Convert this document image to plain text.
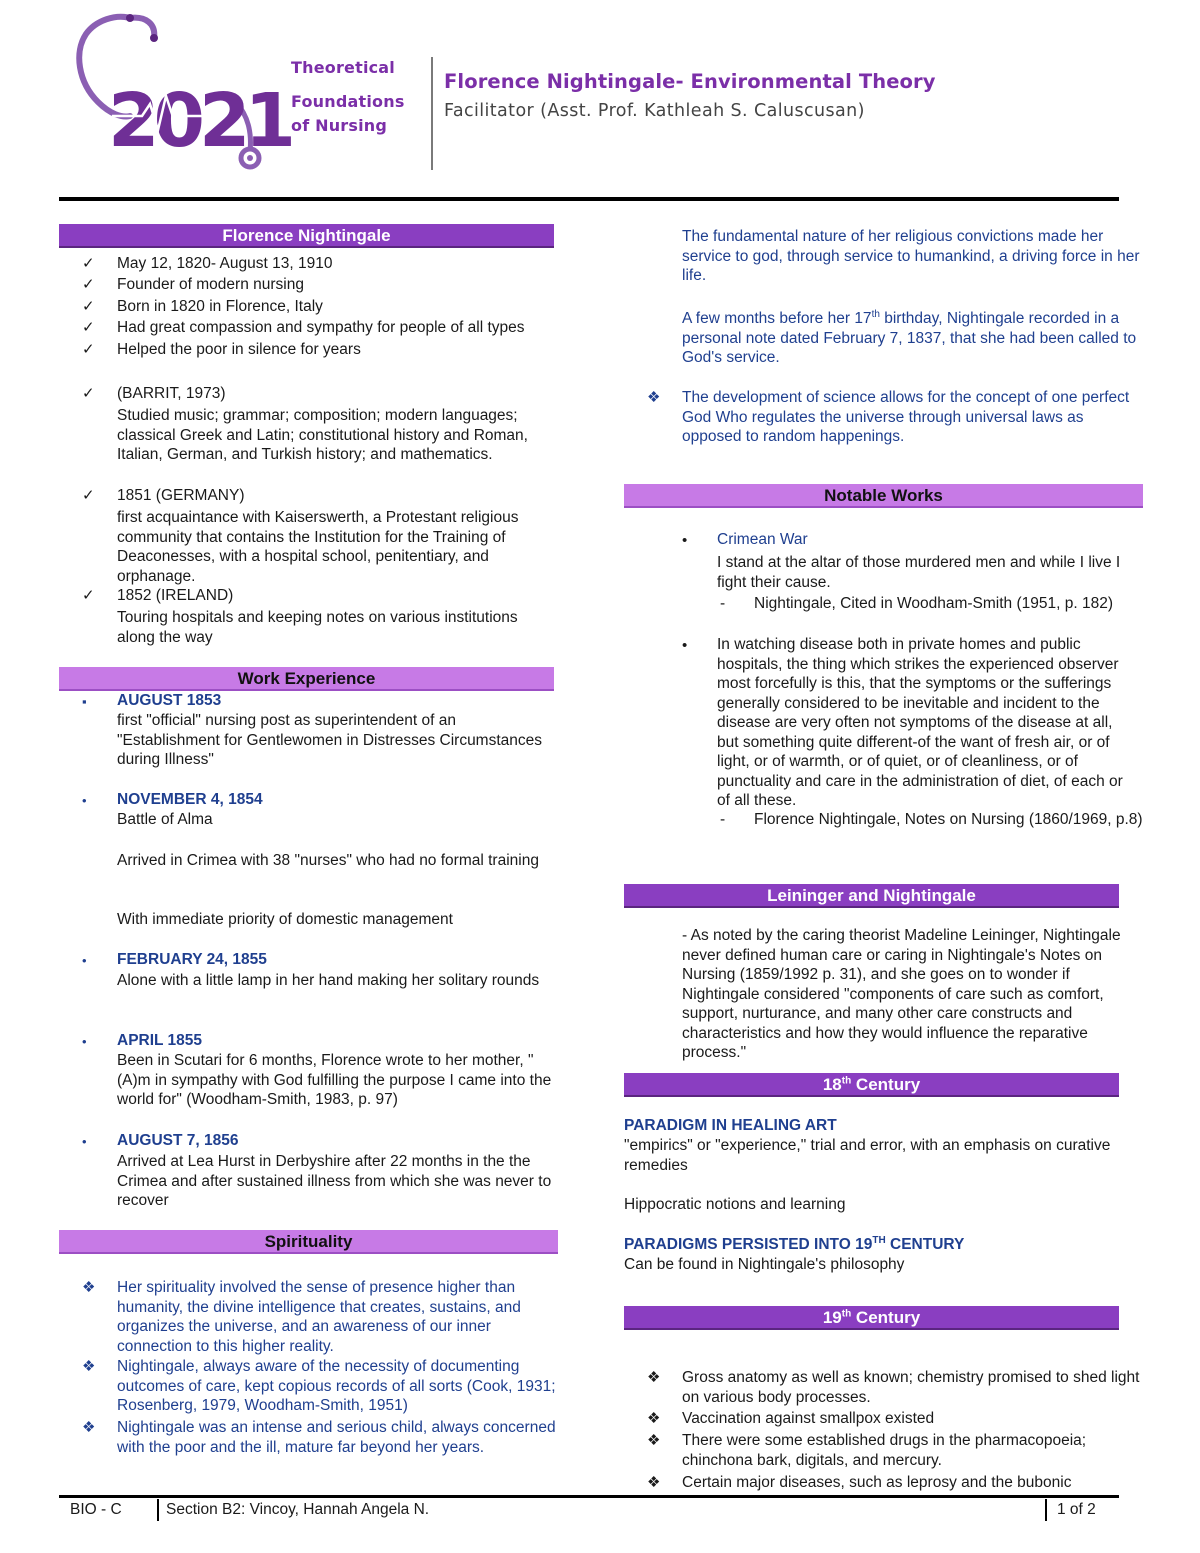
2021
Theoretical
Foundations
of Nursing
Florence Nightingale- Environmental Theory
Facilitator (Asst. Prof. Kathleah S. Caluscusan)
Florence Nightingale
✓ May 12, 1820- August 13, 1910
✓ Founder of modern nursing
✓ Born in 1820 in Florence, Italy
✓ Had great compassion and sympathy for people of all types
✓ Helped the poor in silence for years
✓ (BARRIT, 1973)
Studied music; grammar; composition; modern languages; classical Greek and Latin; constitutional history and Roman, Italian, German, and Turkish history; and mathematics.
✓ 1851 (GERMANY)
first acquaintance with Kaiserswerth, a Protestant religious community that contains the Institution for the Training of Deaconesses, with a hospital school, penitentiary, and orphanage.
✓ 1852 (IRELAND)
Touring hospitals and keeping notes on various institutions along the way
Work Experience
▪ AUGUST 1853
first "official" nursing post as superintendent of an "Establishment for Gentlewomen in Distresses Circumstances during Illness"
• NOVEMBER 4, 1854
Battle of Alma
Arrived in Crimea with 38 "nurses" who had no formal training
With immediate priority of domestic management
• FEBRUARY 24, 1855
Alone with a little lamp in her hand making her solitary rounds
• APRIL 1855
Been in Scutari for 6 months, Florence wrote to her mother, "(A)m in sympathy with God fulfilling the purpose I came into the world for" (Woodham-Smith, 1983, p. 97)
• AUGUST 7, 1856
Arrived at Lea Hurst in Derbyshire after 22 months in the the Crimea and after sustained illness from which she was never to recover
Spirituality
❖ Her spirituality involved the sense of presence higher than humanity, the divine intelligence that creates, sustains, and organizes the universe, and an awareness of our inner connection to this higher reality.
❖ Nightingale, always aware of the necessity of documenting outcomes of care, kept copious records of all sorts (Cook, 1931; Rosenberg, 1979, Woodham-Smith, 1951)
❖ Nightingale was an intense and serious child, always concerned with the poor and the ill, mature far beyond her years.
The fundamental nature of her religious convictions made her service to god, through service to humankind, a driving force in her life.
A few months before her 17th birthday, Nightingale recorded in a personal note dated February 7, 1837, that she had been called to God's service.
❖ The development of science allows for the concept of one perfect God Who regulates the universe through universal laws as opposed to random happenings.
Notable Works
• Crimean War
I stand at the altar of those murdered men and while I live I fight their cause.
- Nightingale, Cited in Woodham-Smith (1951, p. 182)
• In watching disease both in private homes and public hospitals, the thing which strikes the experienced observer most forcefully is this, that the symptoms or the sufferings generally considered to be inevitable and incident to the disease are very often not symptoms of the disease at all, but something quite different-of the want of fresh air, or of light, or of warmth, or of quiet, or of cleanliness, or of punctuality and care in the administration of diet, of each or of all these.
- Florence Nightingale, Notes on Nursing (1860/1969, p.8)
Leininger and Nightingale
- As noted by the caring theorist Madeline Leininger, Nightingale never defined human care or caring in Nightingale's Notes on Nursing (1859/1992 p. 31), and she goes on to wonder if Nightingale considered "components of care such as comfort, support, nurturance, and many other care constructs and characteristics and how they would influence the reparative process."
18th Century
PARADIGM IN HEALING ART
"empirics" or "experience," trial and error, with an emphasis on curative remedies
Hippocratic notions and learning
PARADIGMS PERSISTED INTO 19TH CENTURY
Can be found in Nightingale's philosophy
19th Century
❖ Gross anatomy as well as known; chemistry promised to shed light on various body processes.
❖ Vaccination against smallpox existed
❖ There were some established drugs in the pharmacopoeia; chinchona bark, digitals, and mercury.
❖ Certain major diseases, such as leprosy and the bubonic
BIO - C	Section B2: Vincoy, Hannah Angela N.	1 of 2
